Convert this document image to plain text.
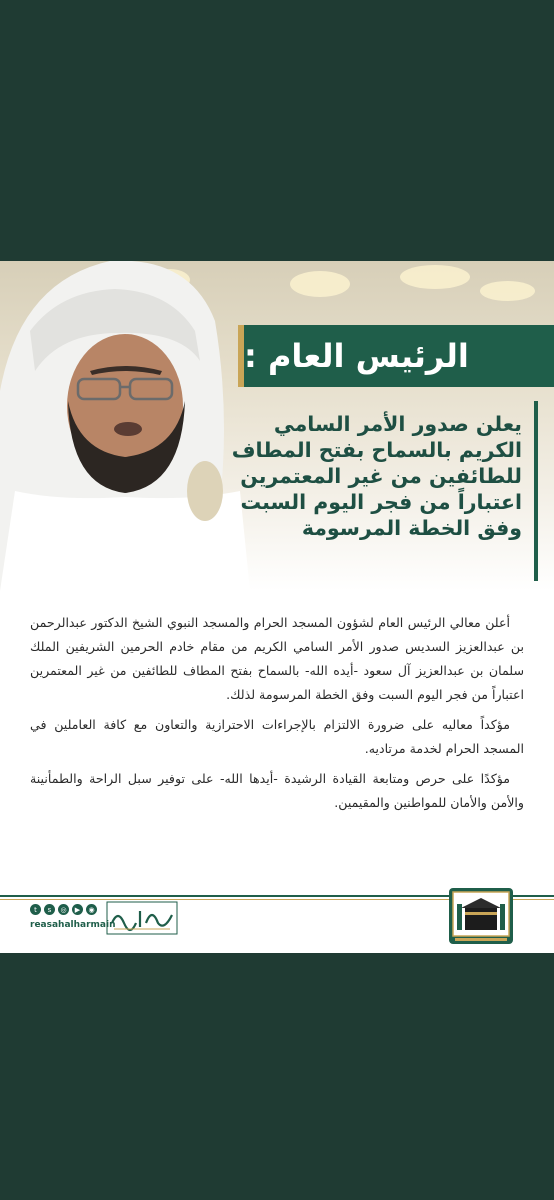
الرئيس العام :
يعلن صدور الأمر السامي الكريم بالسماح بفتح المطاف للطائفين من غير المعتمرين اعتباراً من فجر اليوم السبت وفق الخطة المرسومة

أعلن معالي الرئيس العام لشؤون المسجد الحرام والمسجد النبوي الشيخ الدكتور عبدالرحمن بن عبدالعزيز السديس صدور الأمر السامي الكريم من مقام خادم الحرمين الشريفين الملك سلمان بن عبدالعزيز آل سعود -أيده الله- بالسماح بفتح المطاف للطائفين من غير المعتمرين اعتباراً من فجر اليوم السبت وفق الخطة المرسومة لذلك.

مؤكداً معاليه على ضرورة الالتزام بالإجراءات الاحترازية والتعاون مع كافة العاملين في المسجد الحرام لخدمة مرتاديه.

مؤكدًا على حرص ومتابعة القيادة الرشيدة -أيدها الله- على توفير سبل الراحة والطمأنينة والأمن والأمان للمواطنين والمقيمين.

t	s	◎	▶	◉
reasahalharmain
